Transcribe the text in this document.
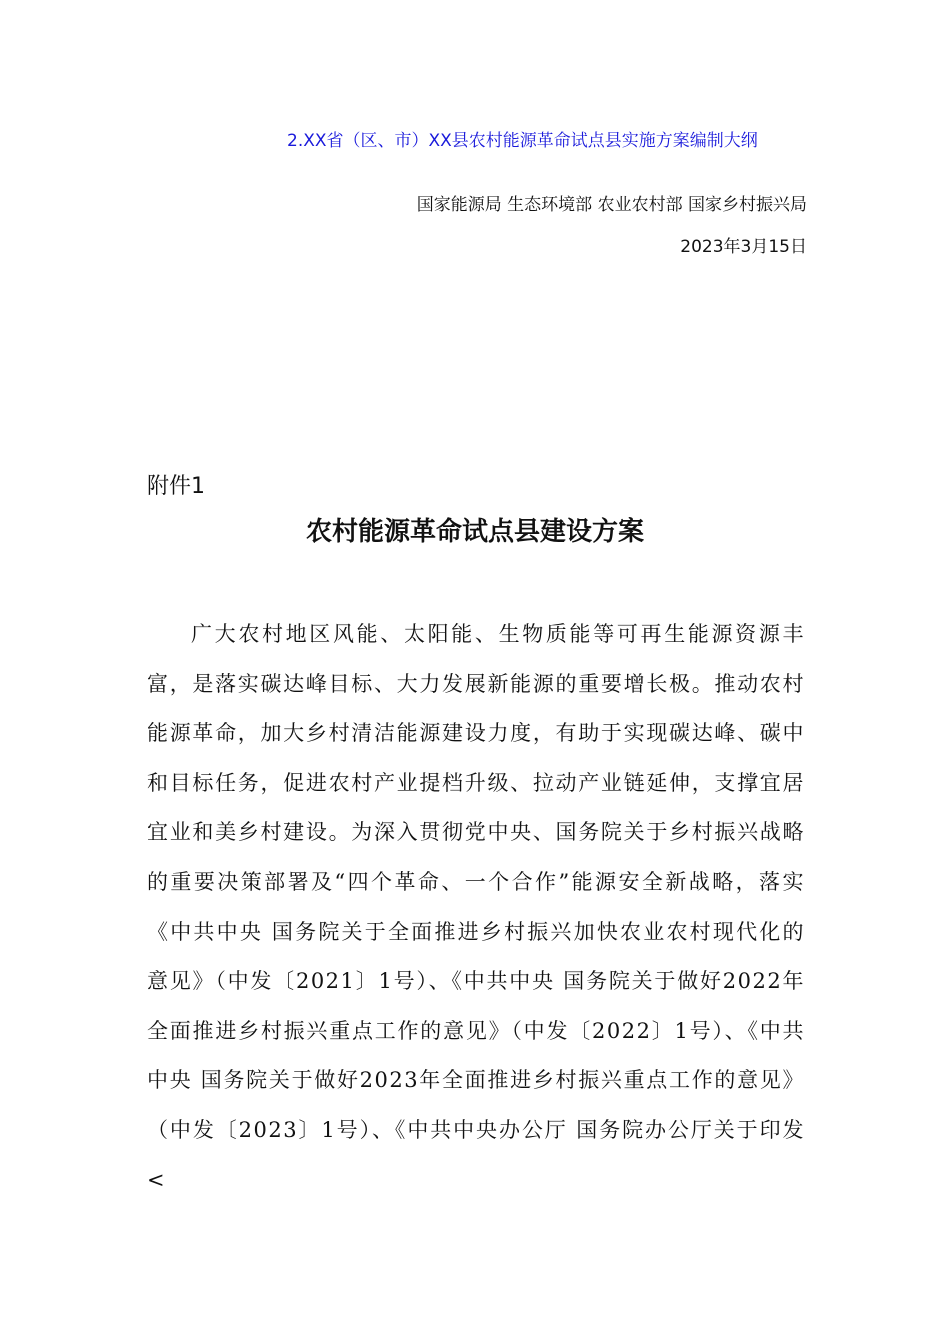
2.XX省（区、市）XX县农村能源革命试点县实施方案编制大纲
国家能源局 生态环境部 农业农村部 国家乡村振兴局
2023年3月15日
附件1
农村能源革命试点县建设方案
广大农村地区风能、太阳能、生物质能等可再生能源资源丰富，是落实碳达峰目标、大力发展新能源的重要增长极。推动农村能源革命，加大乡村清洁能源建设力度，有助于实现碳达峰、碳中和目标任务，促进农村产业提档升级、拉动产业链延伸，支撑宜居宜业和美乡村建设。为深入贯彻党中央、国务院关于乡村振兴战略的重要决策部署及“四个革命、一个合作”能源安全新战略，落实《中共中央 国务院关于全面推进乡村振兴加快农业农村现代化的意见》（中发〔2021〕1号）、《中共中央 国务院关于做好2022年全面推进乡村振兴重点工作的意见》（中发〔2022〕1号）、《中共中央 国务院关于做好2023年全面推进乡村振兴重点工作的意见》（中发〔2023〕1号）、《中共中央办公厅 国务院办公厅关于印发<
